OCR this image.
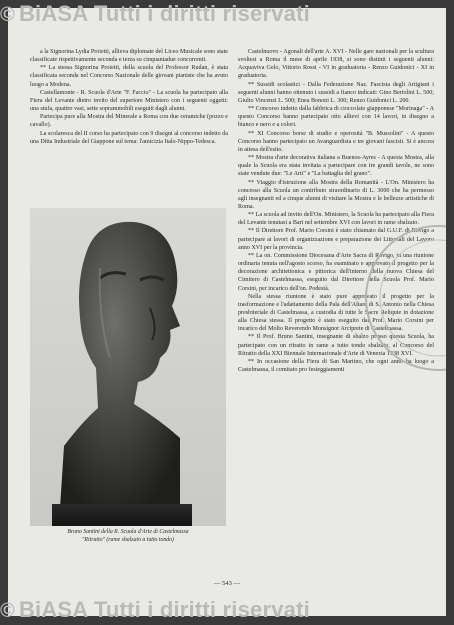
a la Signorina Lydia Proietti, allieva diplomate del Liceo Musicale sono state classificate rispettivamente seconda e terza su cinquantadue concorrenti.

** La stessa Signorina Proietti, della scuola del Professor Rudan, è stata classificata seconda nel Concorso Nazionale delle giovani pianiste che ha avuto luogo a Modena.

Castellamonte - R. Scuola d'Arte "F. Faccio" - La scuola ha partecipato alla Fiera del Levante dietro invito del superiore Ministero con i seguenti oggetti: una stufa, quattro vasi, sette soprammobili eseguiti dagli alunni.

Partecipa pure alla Mostra del Minerale a Roma con due ceramiche (pozzo e cavallo).

La scolaresca del II corso ha partecipato con 9 disegni al concorso indetto da una Ditta Industriale del Giappone sul tema: l'amicizia Italo-Nippo-Tedesca.

Bruno Santini della R. Scuola d'Arte di Castelmassa
"Ritratto" (rame sbalzato a tutto tondo)

Castelnuovo - Agonali dell'arte A. XVI - Nelle gare nazionali per la scultura svoltesi a Roma il mese di aprile 1938, si sono distinti i seguenti alunni: Acquaviva Gelo, Vittorio Rossi - VI in graduatoria - Renzo Guidonici - XI in graduatoria.

** Sussidi scolastici - Dalla Federazione Naz. Fascista degli Artigiani i seguenti alunni hanno ottenuto i sussidi a fianco indicati: Gino Bertolini L. 500; Giulio Vincenzi L. 500; Enea Bononi L. 300; Renzo Guidonici L. 200.

** Concorso indetto dalla fabbrica di cioccolato giapponese "Morinaga" - A questo Concorso hanno partecipato otto allievi con 14 lavori, in disegno a bianco e nero e a colori.

** XI Concorso borse di studio e operosità "B. Mussolini" - A questo Concorso hanno partecipato un Avanguardista e tre giovani fascisti. Si è ancora in attesa dell'esito.

** Mostra d'arte decorativa italiana a Buenos-Ayres - A questa Mostra, alla quale la Scuola era stata invitata a partecipare con tre grandi tavole, ne sono state vendute due: "Le Arti" e "La battaglia del grano".

** Viaggio d'istruzione alla Mostra della Romanità - L'On. Ministero ha concesso alla Scuola un contributo straordinario di L. 3000 che ha permesso agli insegnanti ed a cinque alunni di visitare la Mostra e le bellezze artistiche di Roma.

** La scuola ad invito dell'On. Ministero, la Scuola ha partecipato alla Fiera del Levante tenutasi a Bari nel settembre XVI con lavori in rame sbalzato.

** Il Direttore Prof. Mario Corsini è stato chiamato dal G.U.F. di Rovigo a partecipare ai lavori di organizzazione e preparazione dei Littoriali del Lavoro anno XVI per la provincia.

** La on. Commissione Diocesana d'Arte Sacra di Rovigo, in una riunione ordinaria tenuta nell'agosto scorso, ha esaminato e approvato il progetto per la decorazione architettonica e pittorica dell'interno della nuova Chiesa del Cimitero di Castelmassa, eseguito dal Direttore della Scuola Prof. Mario Corsini, per incarico dell'on. Podestà.

Nella stessa riunione è stato pure approvato il progetto per la trasformazione e l'adattamento della Pala dell'Altare di S. Antonio nella Chiesa presbiteriale di Castelmassa, a custodia di tutte le Sacre Reliquie in dotazione alla Chiesa stessa. Il progetto è stato eseguito dal Prof. Mario Corsini per incarico del Molto Reverendo Monsignor Arciprete di Castelmassa.

** Il Prof. Bruno Santini, insegnante di sbalzo presso questa Scuola, ha partecipato con un ritratto in rame a tutto tondo sbalzato, al Concorso del Ritratto della XXI Biennale Internazionale d'Arte di Venezia 1938 XVI.

** In occasione della Fiera di San Martino, che ogni anno ha luogo a Castelmassa, il comitato pro festeggiamenti

— 543 —
© BiASA Tutti i diritti riservati
© BiASA Tutti i diritti riservati
